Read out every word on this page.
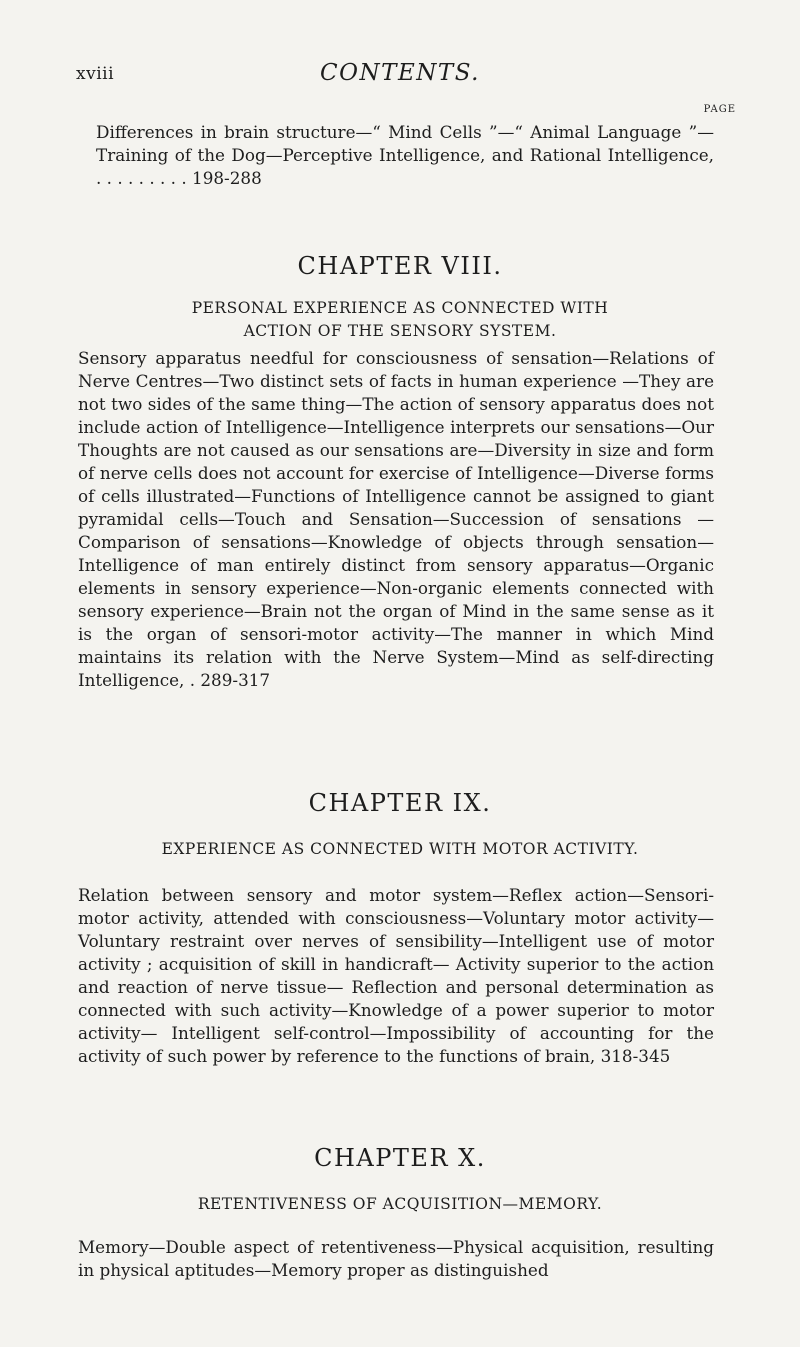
xviii	CONTENTS.
PAGE

Differences in brain structure—“ Mind Cells ”—“ Animal Language ”—Training of the Dog—Perceptive Intelligence, and Rational Intelligence, . . . . . . . . . 198-288

CHAPTER VIII.
PERSONAL EXPERIENCE AS CONNECTED WITH ACTION OF THE SENSORY SYSTEM.

Sensory apparatus needful for consciousness of sensation—Relations of Nerve Centres—Two distinct sets of facts in human experience —They are not two sides of the same thing—The action of sensory apparatus does not include action of Intelligence—Intelligence interprets our sensations—Our Thoughts are not caused as our sensations are—Diversity in size and form of nerve cells does not account for exercise of Intelligence—Diverse forms of cells illustrated—Functions of Intelligence cannot be assigned to giant pyramidal cells—Touch and Sensation—Succession of sensations —Comparison of sensations—Knowledge of objects through sensation—Intelligence of man entirely distinct from sensory apparatus—Organic elements in sensory experience—Non-organic elements connected with sensory experience—Brain not the organ of Mind in the same sense as it is the organ of sensori-motor activity—The manner in which Mind maintains its relation with the Nerve System—Mind as self-directing Intelligence, . 289-317

CHAPTER IX.
EXPERIENCE AS CONNECTED WITH MOTOR ACTIVITY.

Relation between sensory and motor system—Reflex action—Sensori-motor activity, attended with consciousness—Voluntary motor activity—Voluntary restraint over nerves of sensibility—Intelligent use of motor activity ; acquisition of skill in handicraft— Activity superior to the action and reaction of nerve tissue— Reflection and personal determination as connected with such activity—Knowledge of a power superior to motor activity— Intelligent self-control—Impossibility of accounting for the activity of such power by reference to the functions of brain, 318-345

CHAPTER X.
RETENTIVENESS OF ACQUISITION—MEMORY.

Memory—Double aspect of retentiveness—Physical acquisition, resulting in physical aptitudes—Memory proper as distinguished
